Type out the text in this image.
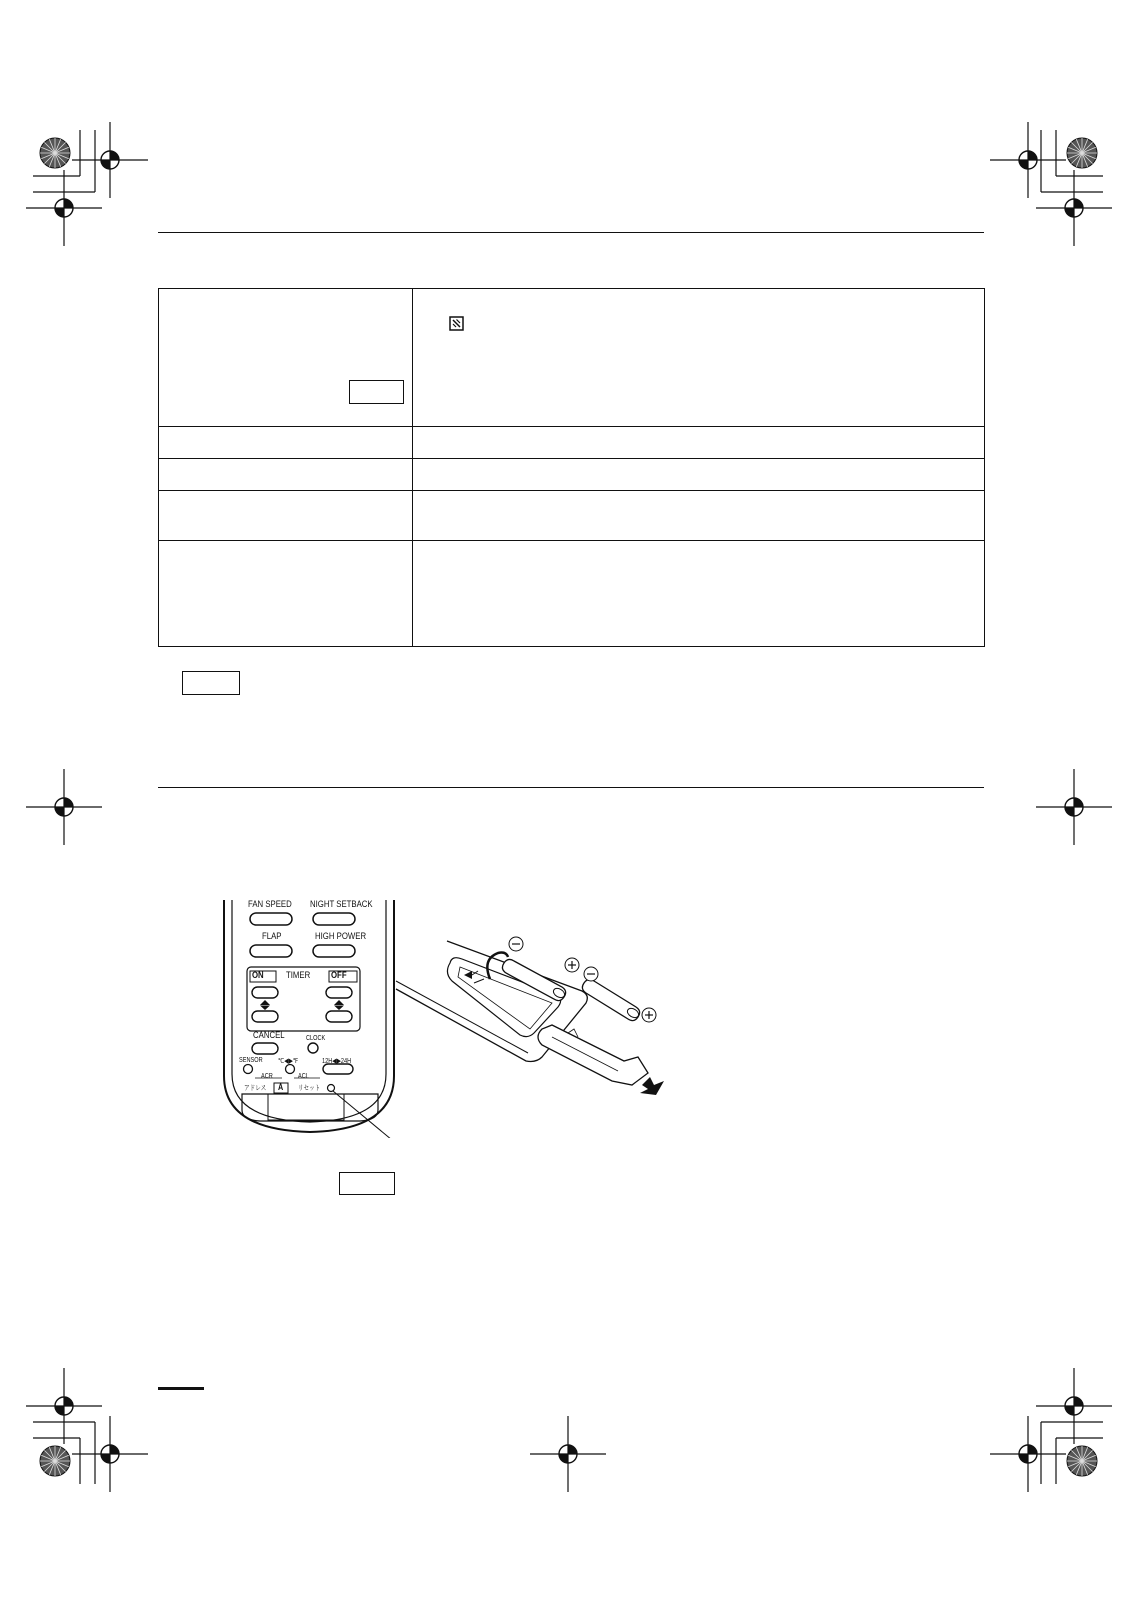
FAN SPEED NIGHT SETBACK
FLAP	HIGH POWER
ON TIMER OFF
CANCEL	CLOCK
SENSOR ℃◀▶℉	12H◀▶24H
ACR	ACL
アドレス A リセット
